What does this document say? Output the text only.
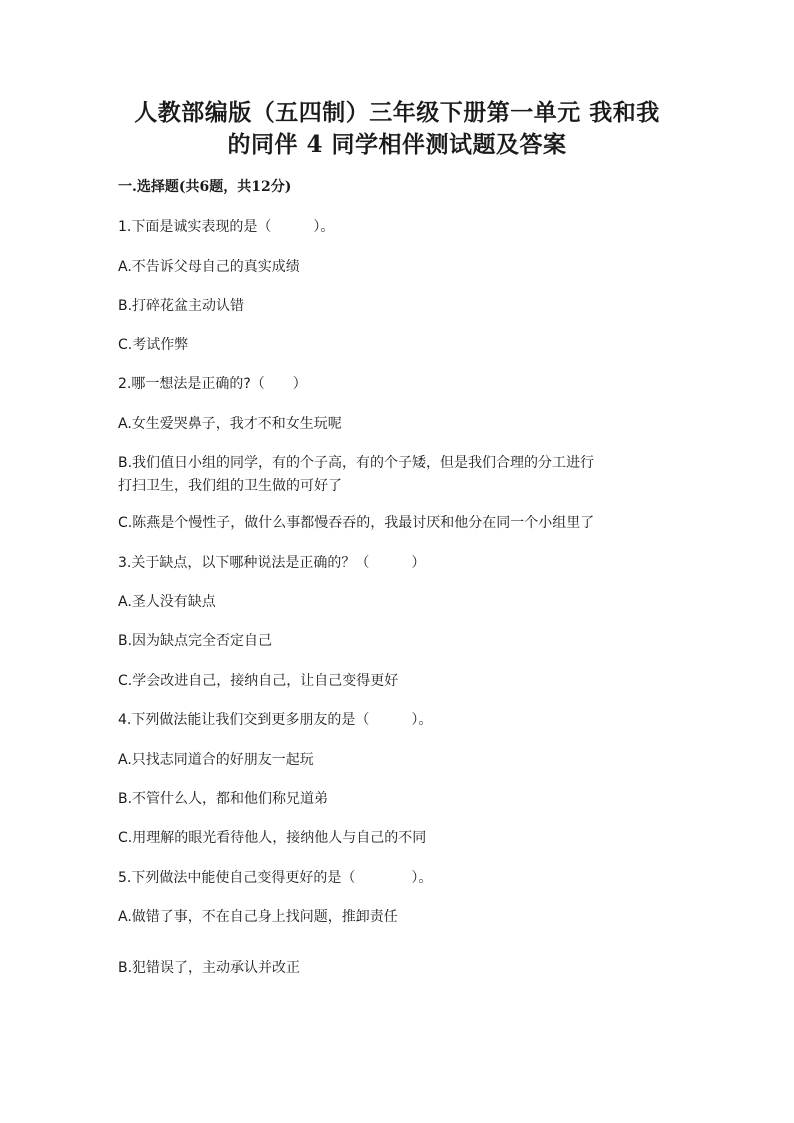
人教部编版（五四制）三年级下册第一单元 我和我
的同伴 4 同学相伴测试题及答案
一.选择题(共6题，共12分)
1.下面是诚实表现的是（　　　）。
A.不告诉父母自己的真实成绩
B.打碎花盆主动认错
C.考试作弊
2.哪一想法是正确的?（　　）
A.女生爱哭鼻子，我才不和女生玩呢
B.我们值日小组的同学，有的个子高，有的个子矮，但是我们合理的分工进行
打扫卫生，我们组的卫生做的可好了
C.陈燕是个慢性子，做什么事都慢吞吞的，我最讨厌和他分在同一个小组里了
3.关于缺点，以下哪种说法是正确的？（　　　）
A.圣人没有缺点
B.因为缺点完全否定自己
C.学会改进自己，接纳自己，让自己变得更好
4.下列做法能让我们交到更多朋友的是（　　　）。
A.只找志同道合的好朋友一起玩
B.不管什么人，都和他们称兄道弟
C.用理解的眼光看待他人，接纳他人与自己的不同
5.下列做法中能使自己变得更好的是（　　　　）。
A.做错了事，不在自己身上找问题，推卸责任
B.犯错误了，主动承认并改正
